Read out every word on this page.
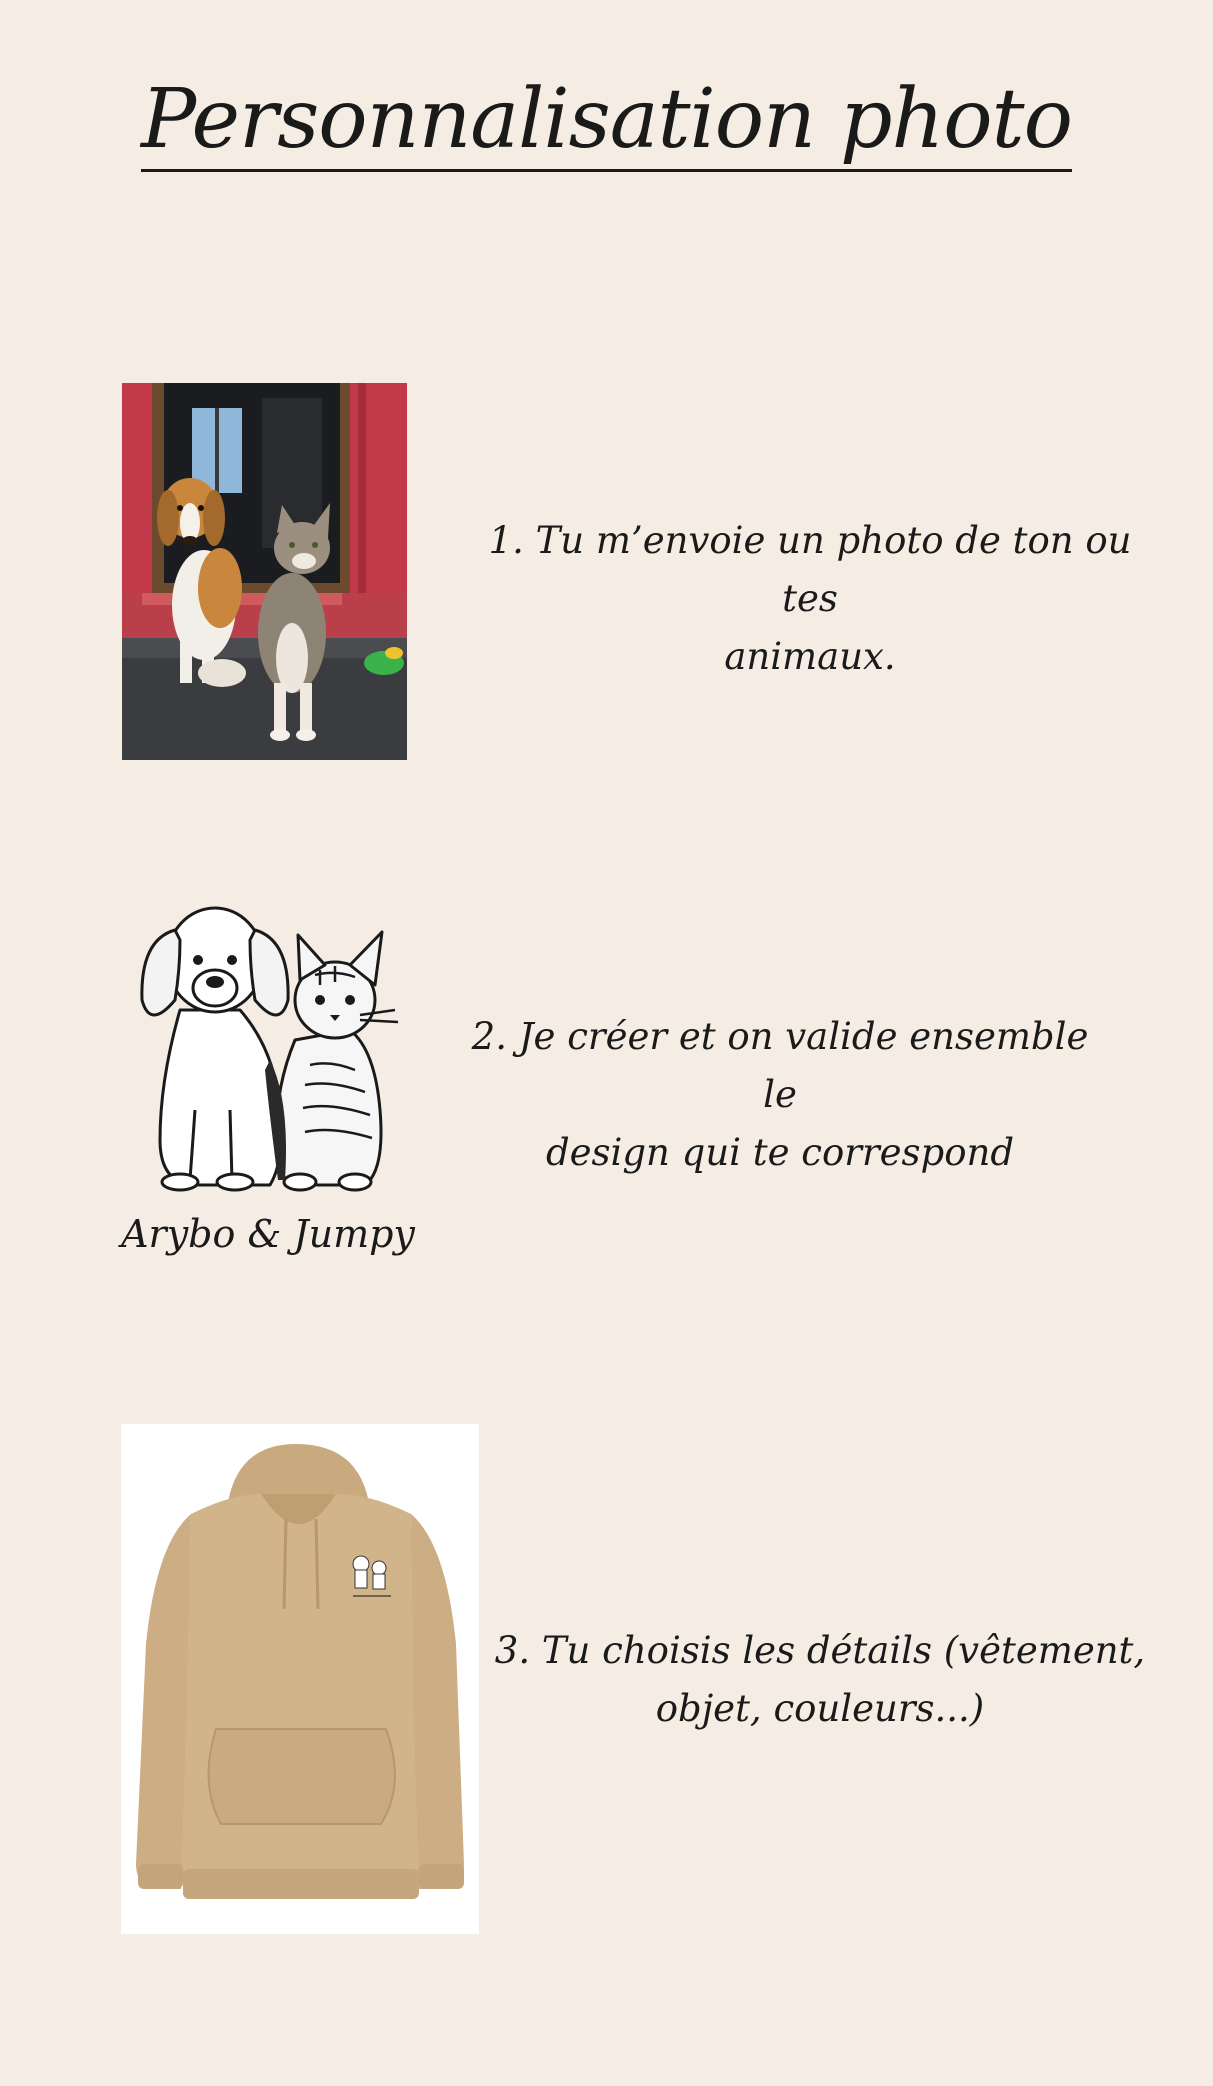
Personnalisation photo
1. Tu m’envoie un photo de ton ou tes
animaux.
Arybo & Jumpy
2. Je créer et on valide ensemble le
design qui te correspond
3. Tu choisis les détails (vêtement,
objet, couleurs...)
